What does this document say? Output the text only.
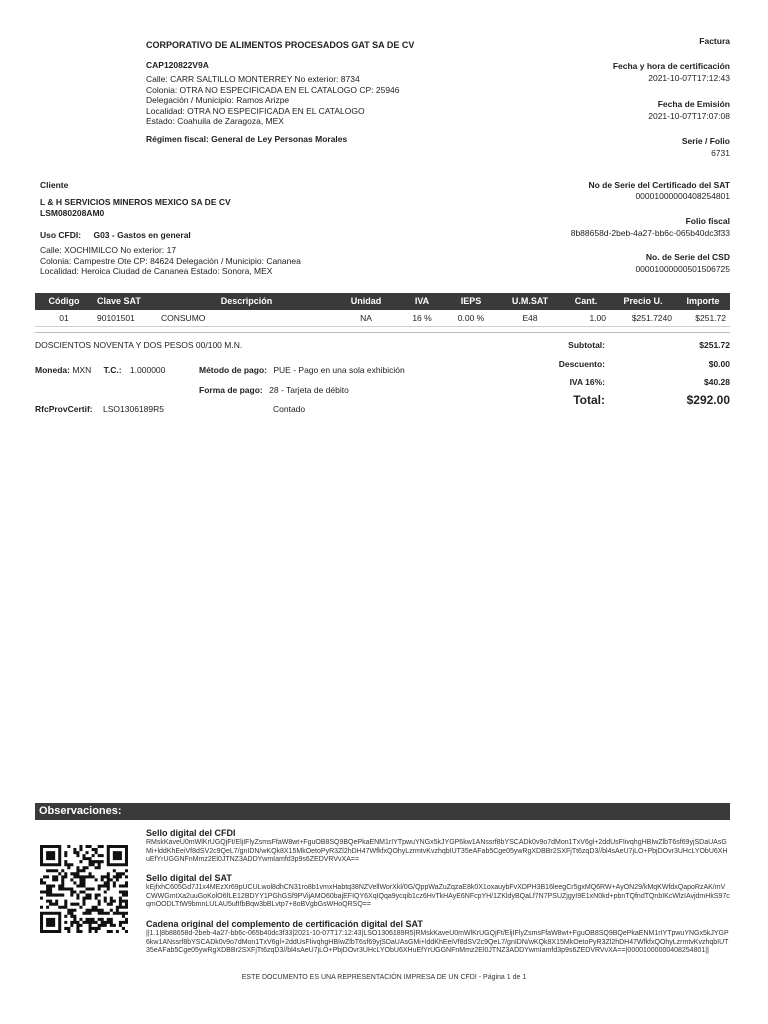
CORPORATIVO DE ALIMENTOS PROCESADOS GAT SA DE CV
CAP120822V9A
Calle: CARR SALTILLO MONTERREY No exterior: 8734
Colonia: OTRA NO ESPECIFICADA EN EL CATALOGO CP: 25946
Delegación / Municipio: Ramos Arizpe
Localidad: OTRA NO ESPECIFICADA EN EL CATALOGO
Estado: Coahuila de Zaragoza, MEX
Régimen fiscal: General de Ley Personas Morales
Factura
Fecha y hora de certificación
2021-10-07T17:12:43
Fecha de Emisión
2021-10-07T17:07:08
Serie / Folio
6731
No de Serie del Certificado del SAT
00001000000408254801
Folio fiscal
8b88658d-2beb-4a27-bb6c-065b40dc3f33
No. de Serie del CSD
00001000000501506725
Cliente
L & H SERVICIOS MINEROS MEXICO SA DE CV
LSM080208AM0
Uso CFDI: G03 - Gastos en general
Calle: XOCHIMILCO No exterior: 17
Colonia: Campestre Ote CP: 84624 Delegación / Municipio: Cananea
Localidad: Heroica Ciudad de Cananea Estado: Sonora, MEX
Código	Clave SAT	Descripción	Unidad	IVA	IEPS	U.M.SAT	Cant.	Precio U.	Importe
01	90101501	CONSUMO	NA	16 %	0.00 %	E48	1.00	$251.7240	$251.72
DOSCIENTOS NOVENTA Y DOS PESOS 00/100 M.N.
Moneda: MXN T.C.: 1.000000	Método de pago: PUE - Pago en una sola exhibición
Forma de pago: 28 - Tarjeta de débito
RfcProvCertif: LSO1306189R5	Contado
Subtotal:	$251.72
Descuento:	$0.00
IVA 16%:	$40.28
Total:	$292.00
Observaciones:
Sello digital del CFDI
RMskKaveU0mWlKrUGQjFt/EljIFlyZsmsFfaW8wt+FguOB8SQ9BQePkaENM1rIYTpwuYNGx5kJYGP6kw1ANssrf8bYSCADk0v9o7dMon1TxV6gl+2ddUsFIivqhgHBIwZlbT6sf69yjSDaUAsGMi+lddKhEeiVf8dSV2c9QeL7/gnIDN/wKQk8X15MkOetoPyR3Zl2hDH47WfkfxQOhyLzrmtvKvzhqbIUT35eAFab5Cge05ywRgXDBBr2SXFjTt6zqD3//bl4sAeU7jLO+PbjDOvr3UHcLYObU6XHuEfYrUGGNFnMmz2El0JTNZ3ADDYwmIamfd3p9s6ZEDVRVvXA==
Sello digital del SAT
kEjfxhC605Gd7J1x4MEzXr69pUCULwol8dhCN31ro8b1vmxHabtq38NZVellWorXkl/0G/QppWaZuZqzaE8k0X1oxauybFvXDPH3B16leegCr5gxMQ6RW+AyON29/kMqKWfdxQapoRzAK/mVCWWGmtXa2uuGoKolO6fLE12BDYY1PGhGSf9PVijAMO60bajEFIQY6XqIQqa9ycqib1cz6HvTkHAyE6NFcpYH/1ZKldyBQaLf7N7PSUZjgyI9E1xN0kd+pbnTQfndTQnbIKcWlzIAvjdmHkS97cqmOODLTtW9bmnLULAU5ufIfbBqw3bBLvtp7+8oBVgbGsWHoQRSQ==
Cadena original del complemento de certificación digital del SAT
||1.1|8b88658d-2beb-4a27-bb6c-065b40dc3f33|2021-10-07T17:12:43|LSO1306189R5|RMskKaveU0mWlKrUGQjFt/EljIFlyZsmsFfaW8wt+FguOB8SQ9BQePkaENM1rIYTpwuYNGx5kJYGP6kw1ANssrf8bYSCADk0v9o7dMon1TxV6gl+2ddUsFIivqhgHBIwZlbT6sf69yjSDaUAsGMi+lddKhEeiVf8dSV2c9QeL7/gnIDN/wKQk8X15MkOetoPyR3Zl2hDH47WfkfxQOhyLzrmtvKvzhqbIUT35eAFab5Cge05ywRgXDBBr2SXFjTt6zqD3//bl4sAeU7jLO+PbjDOvr3UHcLYObU6XHuEfYrUGGNFnMmz2El0JTNZ3ADDYwmIamfd3p9s6ZEDVRVvXA==|00001000000408254801||
ESTE DOCUMENTO ES UNA REPRESENTACIÓN IMPRESA DE UN CFDI - Página 1 de 1
